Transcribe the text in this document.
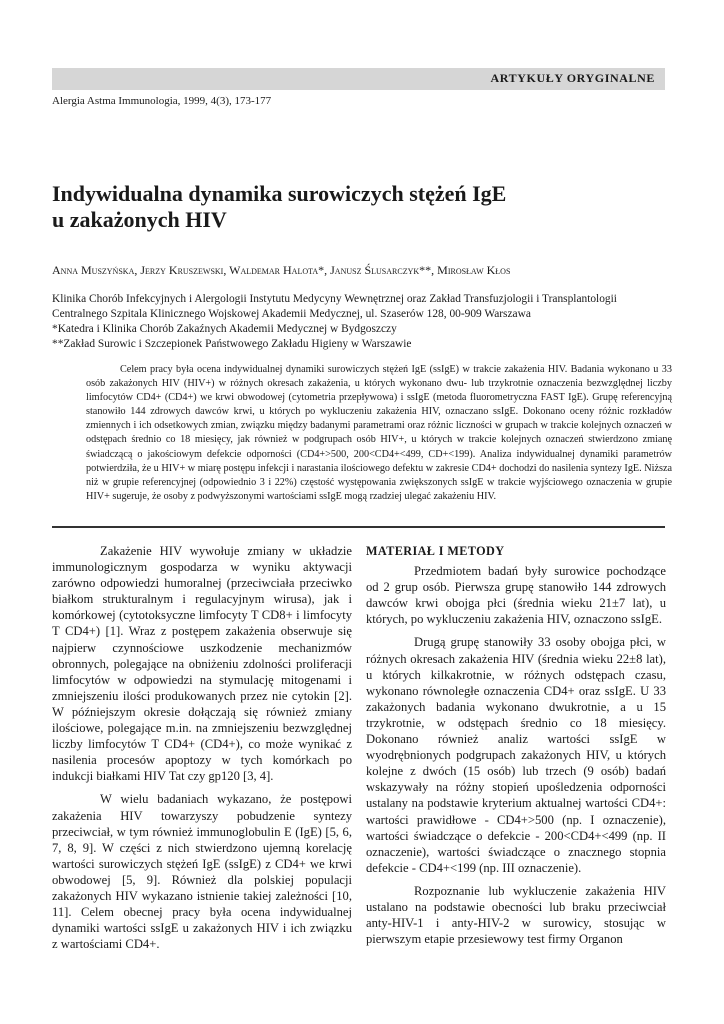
ARTYKUŁY ORYGINALNE
Alergia Astma Immunologia, 1999, 4(3), 173-177
Indywidualna dynamika surowiczych stężeń IgE
u zakażonych HIV
Anna Muszyńska, Jerzy Kruszewski, Waldemar Halota*, Janusz Ślusarczyk**, Mirosław Kłos
Klinika Chorób Infekcyjnych i Alergologii Instytutu Medycyny Wewnętrznej oraz Zakład Transfuzjologii i Transplantologii
Centralnego Szpitala Klinicznego Wojskowej Akademii Medycznej, ul. Szaserów 128, 00-909 Warszawa
*Katedra i Klinika Chorób Zakaźnych Akademii Medycznej w Bydgoszczy
**Zakład Surowic i Szczepionek Państwowego Zakładu Higieny w Warszawie

Celem pracy była ocena indywidualnej dynamiki surowiczych stężeń IgE (ssIgE) w trakcie zakażenia HIV. Badania wykonano u 33 osób zakażonych HIV (HIV+) w różnych okresach zakażenia, u których wykonano dwu- lub trzykrotnie oznaczenia bezwzględnej liczby limfocytów CD4+ (CD4+) we krwi obwodowej (cytometria przepływowa) i ssIgE (metoda fluorometryczna FAST IgE). Grupę referencyjną stanowiło 144 zdrowych dawców krwi, u których po wykluczeniu zakażenia HIV, oznaczano ssIgE. Dokonano oceny różnic rozkładów zmiennych i ich odsetkowych zmian, związku między badanymi parametrami oraz różnic liczności w grupach w trakcie kolejnych oznaczeń w odstępach średnio co 18 miesięcy, jak również w podgrupach osób HIV+, u których w trakcie kolejnych oznaczeń stwierdzono zmianę świadczącą o jakościowym defekcie odporności (CD4+>500, 200<CD4+<499, CD+<199). Analiza indywidualnej dynamiki parametrów potwierdziła, że u HIV+ w miarę postępu infekcji i narastania ilościowego defektu w zakresie CD4+ dochodzi do nasilenia syntezy IgE. Niższa niż w grupie referencyjnej (odpowiednio 3 i 22%) częstość występowania zwiększonych ssIgE w trakcie wyjściowego oznaczenia w grupie HIV+ sugeruje, że osoby z podwyższonymi wartościami ssIgE mogą rzadziej ulegać zakażeniu HIV.

Zakażenie HIV wywołuje zmiany w układzie immunologicznym gospodarza w wyniku aktywacji zarówno odpowiedzi humoralnej (przeciwciała przeciwko białkom strukturalnym i regulacyjnym wirusa), jak i komórkowej (cytotoksyczne limfocyty T CD8+ i limfocyty T CD4+) [1]. Wraz z postępem zakażenia obserwuje się najpierw czynnościowe uszkodzenie mechanizmów obronnych, polegające na obniżeniu zdolności proliferacji limfocytów w odpowiedzi na stymulację mitogenami i zmniejszeniu ilości produkowanych przez nie cytokin [2]. W późniejszym okresie dołączają się również zmiany ilościowe, polegające m.in. na zmniejszeniu bezwzględnej liczby limfocytów T CD4+ (CD4+), co może wynikać z nasilenia procesów apoptozy w tych komórkach po indukcji białkami HIV Tat czy gp120 [3, 4].

W wielu badaniach wykazano, że postępowi zakażenia HIV towarzyszy pobudzenie syntezy przeciwciał, w tym również immunoglobulin E (IgE) [5, 6, 7, 8, 9]. W części z nich stwierdzono ujemną korelację wartości surowiczych stężeń IgE (ssIgE) z CD4+ we krwi obwodowej [5, 9]. Również dla polskiej populacji zakażonych HIV wykazano istnienie takiej zależności [10, 11]. Celem obecnej pracy była ocena indywidualnej dynamiki wartości ssIgE u zakażonych HIV i ich związku z wartościami CD4+.

MATERIAŁ I METODY

Przedmiotem badań były surowice pochodzące od 2 grup osób. Pierwsza grupę stanowiło 144 zdrowych dawców krwi obojga płci (średnia wieku 21±7 lat), u których, po wykluczeniu zakażenia HIV, oznaczono ssIgE.

Drugą grupę stanowiły 33 osoby obojga płci, w różnych okresach zakażenia HIV (średnia wieku 22±8 lat), u których kilkakrotnie, w różnych odstępach czasu, wykonano równoległe oznaczenia CD4+ oraz ssIgE. U 33 zakażonych badania wykonano dwukrotnie, a u 15 trzykrotnie, w odstępach średnio co 18 miesięcy. Dokonano również analiz wartości ssIgE w wyodrębnionych podgrupach zakażonych HIV, u których kolejne z dwóch (15 osób) lub trzech (9 osób) badań wskazywały na różny stopień upośledzenia odporności ustalany na podstawie kryterium aktualnej wartości CD4+: wartości prawidłowe - CD4+>500 (np. I oznaczenie), wartości świadczące o defekcie - 200<CD4+<499 (np. II oznaczenie), wartości świadczące o znacznego stopnia defekcie - CD4+<199 (np. III oznaczenie).

Rozpoznanie lub wykluczenie zakażenia HIV ustalano na podstawie obecności lub braku przeciwciał anty-HIV-1 i anty-HIV-2 w surowicy, stosując w pierwszym etapie przesiewowy test firmy Organon
